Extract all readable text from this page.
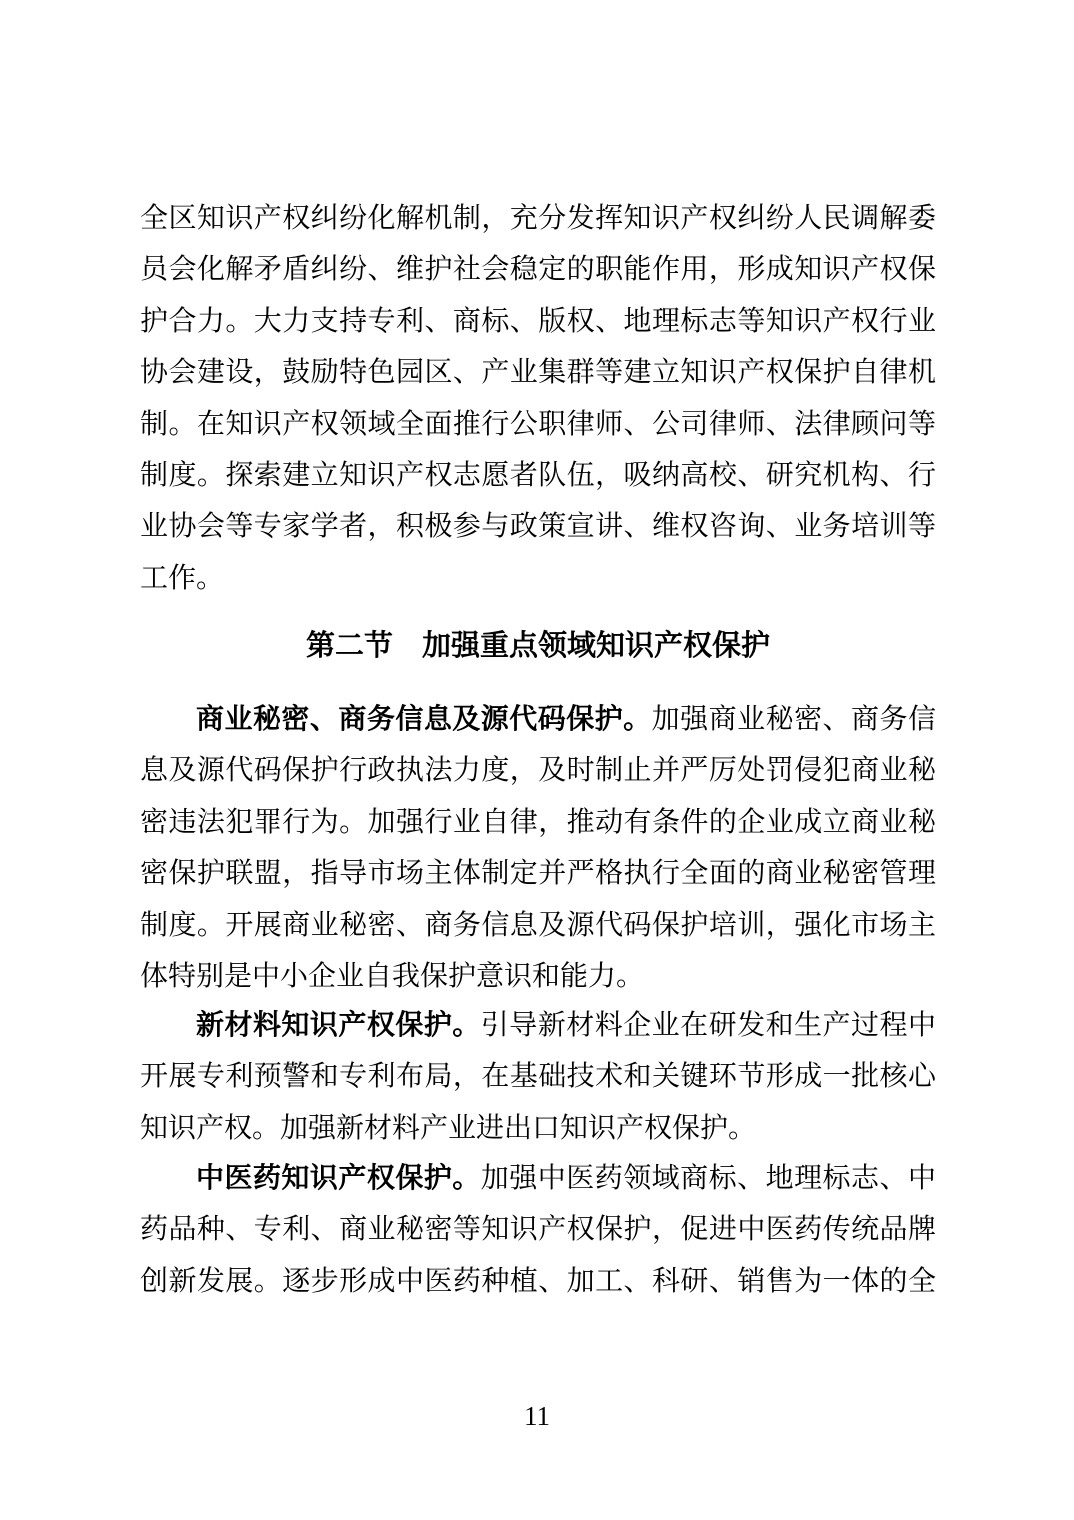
全区知识产权纠纷化解机制，充分发挥知识产权纠纷人民调解委
员会化解矛盾纠纷、维护社会稳定的职能作用，形成知识产权保
护合力。大力支持专利、商标、版权、地理标志等知识产权行业
协会建设，鼓励特色园区、产业集群等建立知识产权保护自律机
制。在知识产权领域全面推行公职律师、公司律师、法律顾问等
制度。探索建立知识产权志愿者队伍，吸纳高校、研究机构、行
业协会等专家学者，积极参与政策宣讲、维权咨询、业务培训等
工作。
第二节　加强重点领域知识产权保护
商业秘密、商务信息及源代码保护。加强商业秘密、商务信
息及源代码保护行政执法力度，及时制止并严厉处罚侵犯商业秘
密违法犯罪行为。加强行业自律，推动有条件的企业成立商业秘
密保护联盟，指导市场主体制定并严格执行全面的商业秘密管理
制度。开展商业秘密、商务信息及源代码保护培训，强化市场主
体特别是中小企业自我保护意识和能力。
新材料知识产权保护。引导新材料企业在研发和生产过程中
开展专利预警和专利布局，在基础技术和关键环节形成一批核心
知识产权。加强新材料产业进出口知识产权保护。
中医药知识产权保护。加强中医药领域商标、地理标志、中
药品种、专利、商业秘密等知识产权保护，促进中医药传统品牌
创新发展。逐步形成中医药种植、加工、科研、销售为一体的全
11
